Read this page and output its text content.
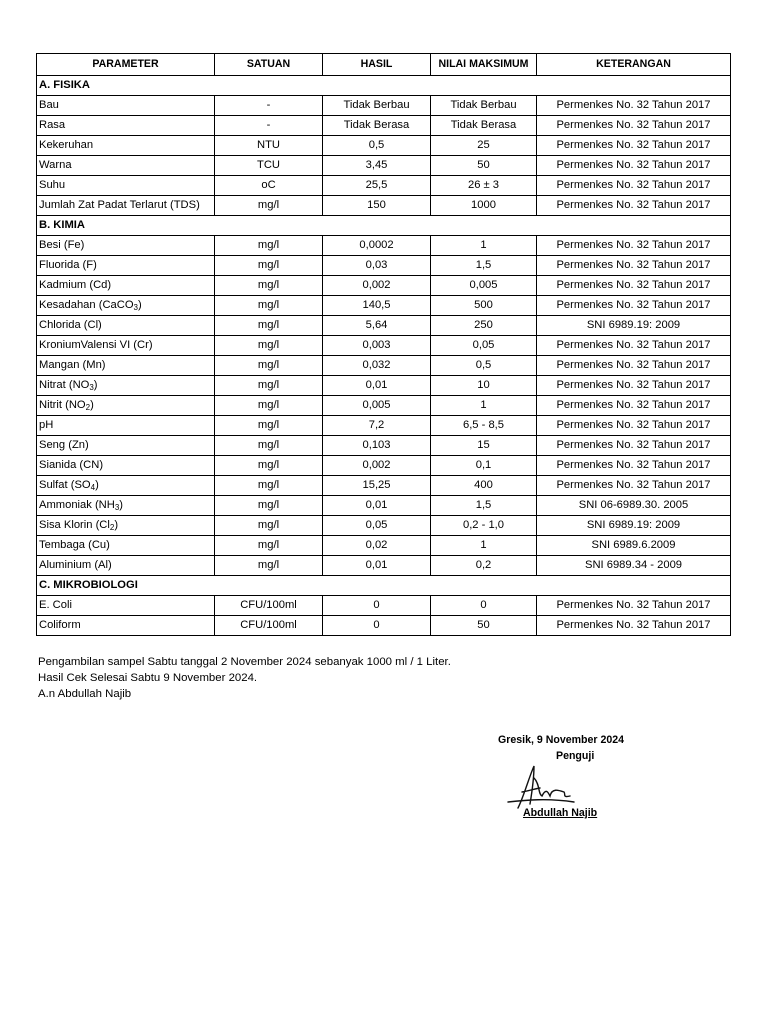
PARAMETER	SATUAN	HASIL	NILAI MAKSIMUM	KETERANGAN
A. FISIKA				
Bau	-	Tidak Berbau	Tidak Berbau	Permenkes No. 32 Tahun 2017
Rasa	-	Tidak Berasa	Tidak Berasa	Permenkes No. 32 Tahun 2017
Kekeruhan	NTU	0,5	25	Permenkes No. 32 Tahun 2017
Warna	TCU	3,45	50	Permenkes No. 32 Tahun 2017
Suhu	oC	25,5	26 ± 3	Permenkes No. 32 Tahun 2017
Jumlah Zat Padat Terlarut (TDS)	mg/l	150	1000	Permenkes No. 32 Tahun 2017
B. KIMIA				
Besi (Fe)	mg/l	0,0002	1	Permenkes No. 32 Tahun 2017
Fluorida (F)	mg/l	0,03	1,5	Permenkes No. 32 Tahun 2017
Kadmium (Cd)	mg/l	0,002	0,005	Permenkes No. 32 Tahun 2017
Kesadahan (CaCO$_3$)	mg/l	140,5	500	Permenkes No. 32 Tahun 2017
Chlorida (Cl)	mg/l	5,64	250	SNI 6989.19: 2009
KroniumValensi VI (Cr)	mg/l	0,003	0,05	Permenkes No. 32 Tahun 2017
Mangan (Mn)	mg/l	0,032	0,5	Permenkes No. 32 Tahun 2017
Nitrat $(NO_3)$	mg/l	0,01	10	Permenkes No. 32 Tahun 2017
Nitrit $(NO_2)$	mg/l	0,005	1	Permenkes No. 32 Tahun 2017
pH	mg/l	7,2	6,5 - 8,5	Permenkes No. 32 Tahun 2017
Seng (Zn)	mg/l	0,103	15	Permenkes No. 32 Tahun 2017
Sianida (CN)	mg/l	0,002	0,1	Permenkes No. 32 Tahun 2017
Sulfat $(SO_4)$	mg/l	15,25	400	Permenkes No. 32 Tahun 2017
Ammoniak $(NH_3)$	mg/l	0,01	1,5	SNI 06-6989.30. 2005
Sisa Klorin $(Cl_2)$	mg/l	0,05	0,2 - 1,0	SNI 6989.19: 2009
Tembaga (Cu)	mg/l	0,02	1	SNI 6989.6.2009
Aluminium (Al)	mg/l	0,01	0,2	SNI 6989.34 - 2009
C. MIKROBIOLOGI				
E. Coli	CFU/100ml	0	0	Permenkes No. 32 Tahun 2017
Coliform	CFU/100ml	0	50	Permenkes No. 32 Tahun 2017
Pengambilan sampel Sabtu tanggal 2 November 2024 sebanyak 1000 ml / 1 Liter.
Hasil Cek Selesai Sabtu 9 November 2024.
A.n Abdullah Najib
Gresik, 9 November 2024
Penguji
Abdullah Najib
